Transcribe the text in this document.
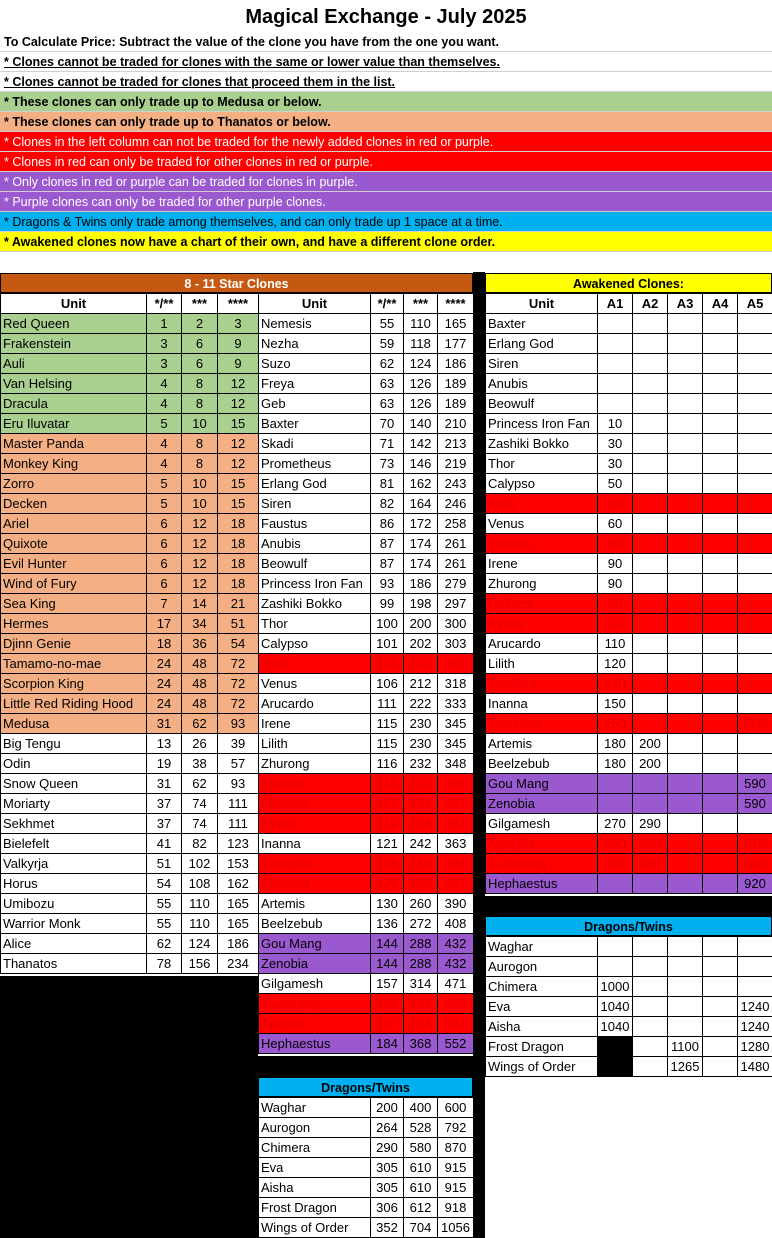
Magical Exchange - July 2025
To Calculate Price: Subtract the value of the clone you have from the one you want.
* Clones cannot be traded for clones with the same or lower value than themselves.
* Clones cannot be traded for clones that proceed them in the list.
* These clones can only trade up to Medusa or below.
* These clones can only trade up to Thanatos or below.
* Clones in the left column can not be traded for the newly added clones in red or purple.
* Clones in red can only be traded for other clones in red or purple.
* Only clones in red or purple can be traded for clones in purple.
* Purple clones can only be traded for other purple clones.
* Dragons & Twins only trade among themselves, and can only trade up 1 space at a time.
* Awakened clones now have a chart of their own, and have a different clone order.
8 - 11 Star Clones	Awakened Clones:
Unit	*/**	***	****
Red Queen	1	2	3
Frakenstein	3	6	9
Auli	3	6	9
Van Helsing	4	8	12
Dracula	4	8	12
Eru Iluvatar	5	10	15
Master Panda	4	8	12
Monkey King	4	8	12
Zorro	5	10	15
Decken	5	10	15
Ariel	6	12	18
Quixote	6	12	18
Evil Hunter	6	12	18
Wind of Fury	6	12	18
Sea King	7	14	21
Hermes	17	34	51
Djinn Genie	18	36	54
Tamamo-no-mae	24	48	72
Scorpion King	24	48	72
Little Red Riding Hood	24	48	72
Medusa	31	62	93
Big Tengu	13	26	39
Odin	19	38	57
Snow Queen	31	62	93
Moriarty	37	74	111
Sekhmet	37	74	111
Bielefelt	41	82	123
Valkyrja	51	102	153
Horus	54	108	162
Umibozu	55	110	165
Warrior Monk	55	110	165
Alice	62	124	186
Thanatos	78	156	234
Unit	*/**	***	****
Nemesis	55	110	165
Nezha	59	118	177
Suzo	62	124	186
Freya	63	126	189
Geb	63	126	189
Baxter	70	140	210
Skadi	71	142	213
Prometheus	73	146	219
Erlang God	81	162	243
Siren	82	164	246
Faustus	86	172	258
Anubis	87	174	261
Beowulf	87	174	261
Princess Iron Fan	93	186	279
Zashiki Bokko	99	198	297
Thor	100	200	300
Calypso	101	202	303
Hela	101	202	303
Venus	106	212	318
Arucardo	111	222	333
Irene	115	230	345
Lilith	115	230	345
Zhurong	116	232	348
Holmes	116	232	348
Phoenix	117	234	351
Hydra	119	238	357
Inanna	121	242	363
Ganesha	128	256	384
Pandora	129	258	387
Artemis	130	260	390
Beelzebub	136	272	408
Gou Mang	144	288	432
Zenobia	144	288	432
Gilgamesh	157	314	471
Xuanzang	166	332	498
Apophis	167	334	501
Hephaestus	184	368	552
Dragons/Twins
Waghar	200	400	600
Aurogon	264	528	792
Chimera	290	580	870
Eva	305	610	915
Aisha	305	610	915
Frost Dragon	306	612	918
Wings of Order	352	704	1056
Unit	A1	A2	A3	A4	A5
Baxter					
Erlang God					
Siren					
Anubis					
Beowulf					
Princess Iron Fan	10				
Zashiki Bokko	30				
Thor	30				
Calypso	50				
Hela	50				
Venus	60				
Phoenix	80				
Irene	90				
Zhurong	90				
Holmes	90				
Hydra	100				
Arucardo	110				
Lilith	120				
Pandora	140				
Inanna	150				
Ganesha	150				500
Artemis	180	200			
Beelzebub	180	200			
Gou Mang					590
Zenobia					590
Gilgamesh	270	290			
Apophis	290	320			810
Xuanzang	300	330			800
Hephaestus					920
Dragons/Twins
Waghar					
Aurogon					
Chimera	1000				
Eva	1040				1240
Aisha	1040				1240
Frost Dragon			1100		1280
Wings of Order			1265		1480
